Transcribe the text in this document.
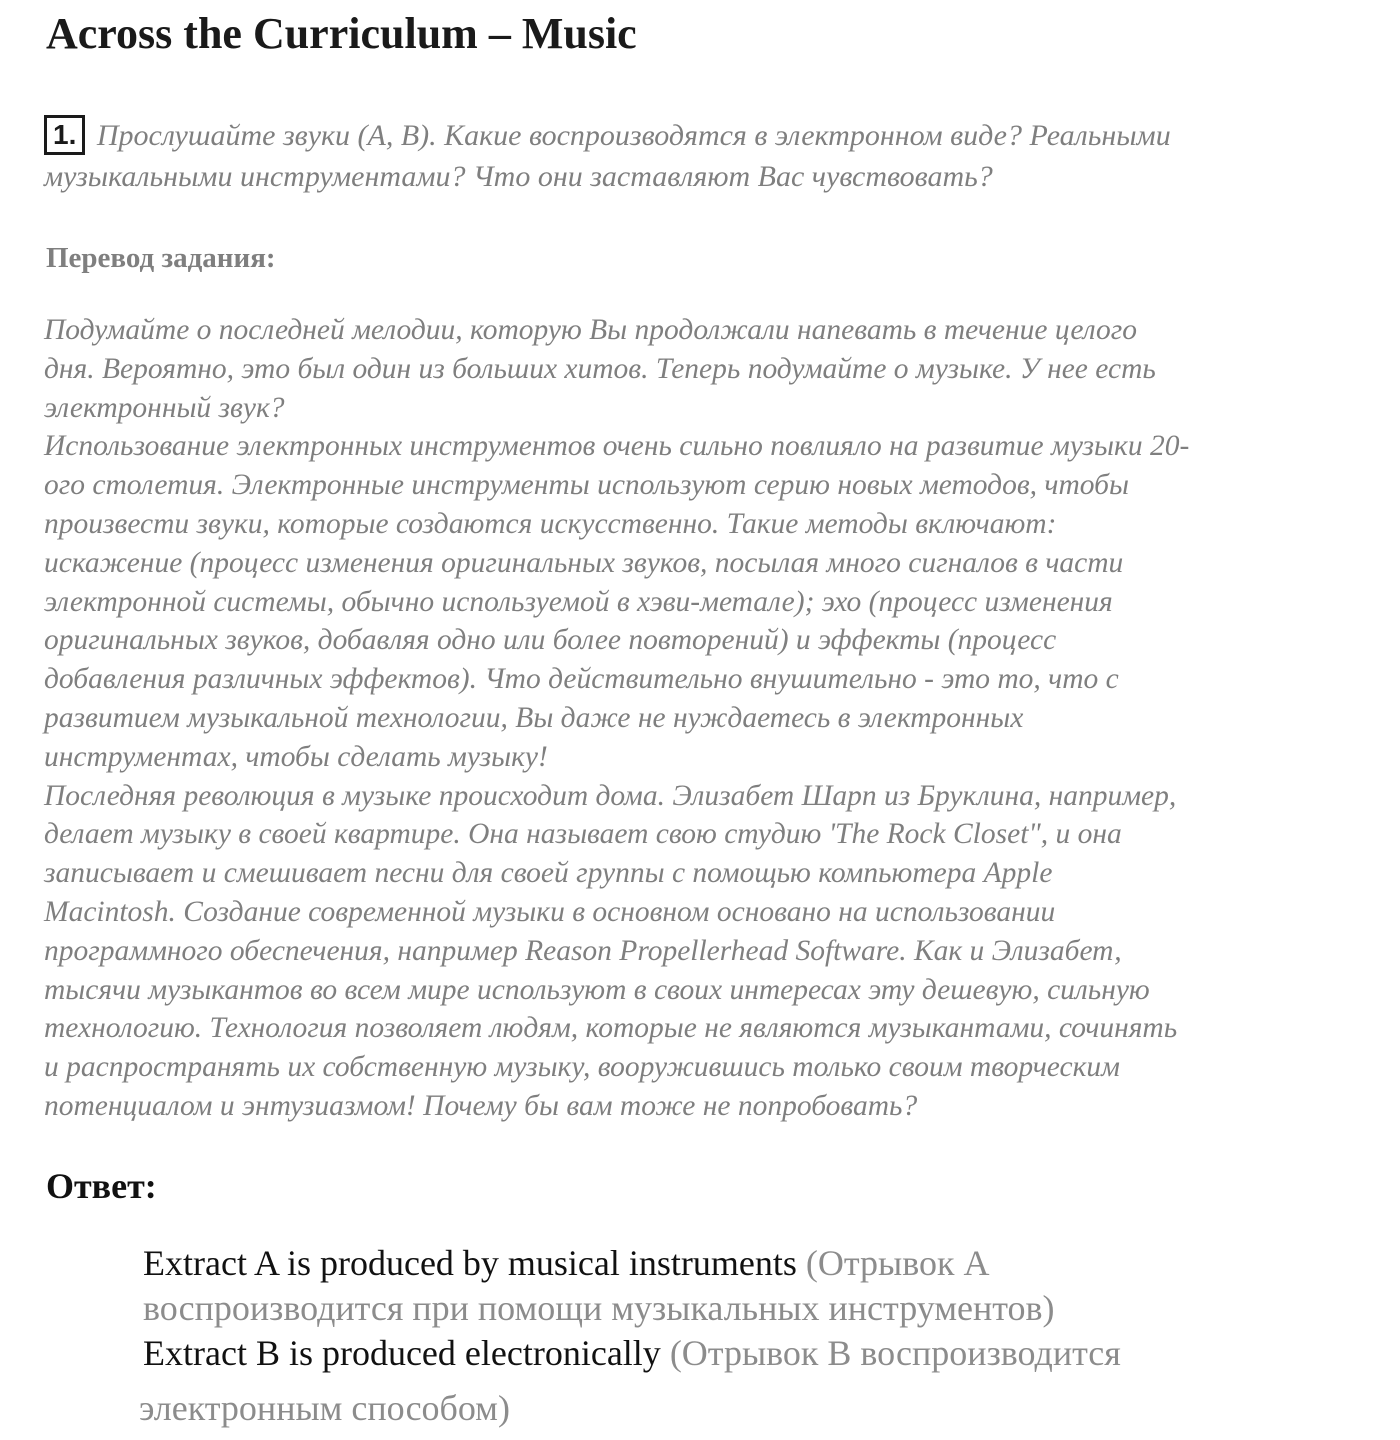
Across the Curriculum – Music

1. Прослушайте звуки (А, В). Какие воспроизводятся в электронном виде? Реальными музыкальными инструментами? Что они заставляют Вас чувствовать?

Перевод задания:
Подумайте о последней мелодии, которую Вы продолжали напевать в течение целого
дня. Вероятно, это был один из больших хитов. Теперь подумайте о музыке. У нее есть
электронный звук?
Использование электронных инструментов очень сильно повлияло на развитие музыки 20-
ого столетия. Электронные инструменты используют серию новых методов, чтобы
произвести звуки, которые создаются искусственно. Такие методы включают:
искажение (процесс изменения оригинальных звуков, посылая много сигналов в части
электронной системы, обычно используемой в хэви-метале); эхо (процесс изменения
оригинальных звуков, добавляя одно или более повторений) и эффекты (процесс
добавления различных эффектов). Что действительно внушительно - это то, что с
развитием музыкальной технологии, Вы даже не нуждаетесь в электронных
инструментах, чтобы сделать музыку!
Последняя революция в музыке происходит дома. Элизабет Шарп из Бруклина, например,
делает музыку в своей квартире. Она называет свою студию 'The Rock Closet", и она
записывает и смешивает песни для своей группы с помощью компьютера Apple
Macintosh. Создание современной музыки в основном основано на использовании
программного обеспечения, например Reason Propellerhead Software. Как и Элизабет,
тысячи музыкантов во всем мире используют в своих интересах эту дешевую, сильную
технологию. Технология позволяет людям, которые не являются музыкантами, сочинять
и распространять их собственную музыку, вооружившись только своим творческим
потенциалом и энтузиазмом! Почему бы вам тоже не попробовать?
Ответ:
Extract A is produced by musical instruments (Отрывок А
воспроизводится при помощи музыкальных инструментов)
Extract B is produced electronically (Отрывок В воспроизводится
электронным способом)
